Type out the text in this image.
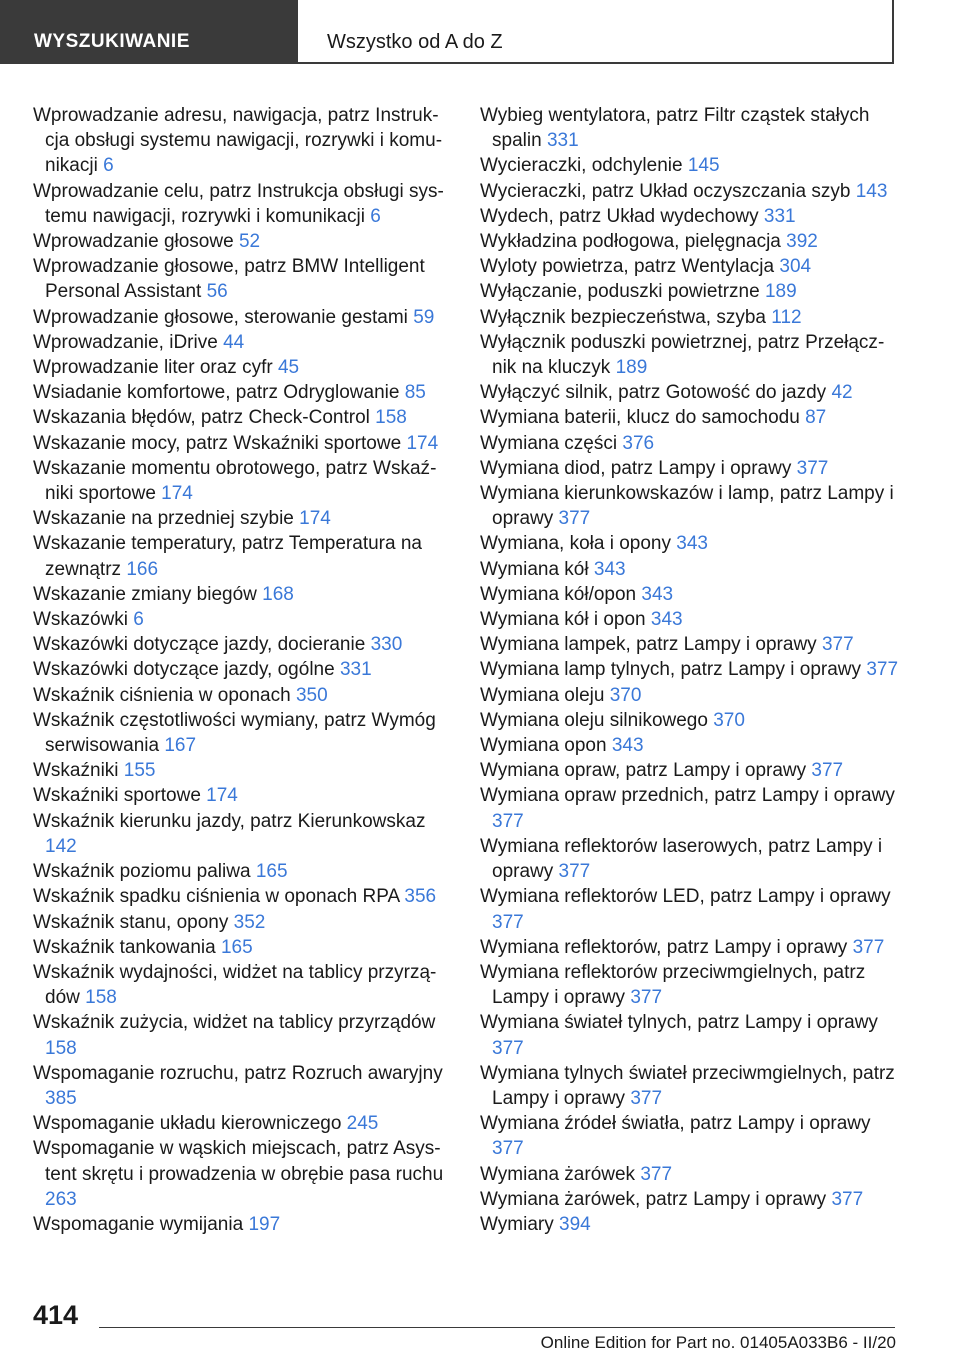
WYSZUKIWANIE	Wszystko od A do Z
Wprowadzanie adresu, nawigacja, patrz Instrukcja obsługi systemu nawigacji, rozrywki i komunikacji 6
Wprowadzanie celu, patrz Instrukcja obsługi systemu nawigacji, rozrywki i komunikacji 6
Wprowadzanie głosowe 52
Wprowadzanie głosowe, patrz BMW Intelligent Personal Assistant 56
Wprowadzanie głosowe, sterowanie gestami 59
Wprowadzanie, iDrive 44
Wprowadzanie liter oraz cyfr 45
Wsiadanie komfortowe, patrz Odryglowanie 85
Wskazania błędów, patrz Check-Control 158
Wskazanie mocy, patrz Wskaźniki sportowe 174
Wskazanie momentu obrotowego, patrz Wskaźniki sportowe 174
Wskazanie na przedniej szybie 174
Wskazanie temperatury, patrz Temperatura na zewnątrz 166
Wskazanie zmiany biegów 168
Wskazówki 6
Wskazówki dotyczące jazdy, docieranie 330
Wskazówki dotyczące jazdy, ogólne 331
Wskaźnik ciśnienia w oponach 350
Wskaźnik częstotliwości wymiany, patrz Wymóg serwisowania 167
Wskaźniki 155
Wskaźniki sportowe 174
Wskaźnik kierunku jazdy, patrz Kierunkowskaz 142
Wskaźnik poziomu paliwa 165
Wskaźnik spadku ciśnienia w oponach RPA 356
Wskaźnik stanu, opony 352
Wskaźnik tankowania 165
Wskaźnik wydajności, widżet na tablicy przyrządów 158
Wskaźnik zużycia, widżet na tablicy przyrządów 158
Wspomaganie rozruchu, patrz Rozruch awaryjny 385
Wspomaganie układu kierowniczego 245
Wspomaganie w wąskich miejscach, patrz Asystent skrętu i prowadzenia w obrębie pasa ruchu 263
Wspomaganie wymijania 197
Wybieg wentylatora, patrz Filtr cząstek stałych spalin 331
Wycieraczki, odchylenie 145
Wycieraczki, patrz Układ oczyszczania szyb 143
Wydech, patrz Układ wydechowy 331
Wykładzina podłogowa, pielęgnacja 392
Wyloty powietrza, patrz Wentylacja 304
Wyłączanie, poduszki powietrzne 189
Wyłącznik bezpieczeństwa, szyba 112
Wyłącznik poduszki powietrznej, patrz Przełącznik na kluczyk 189
Wyłączyć silnik, patrz Gotowość do jazdy 42
Wymiana baterii, klucz do samochodu 87
Wymiana części 376
Wymiana diod, patrz Lampy i oprawy 377
Wymiana kierunkowskazów i lamp, patrz Lampy i oprawy 377
Wymiana, koła i opony 343
Wymiana kół 343
Wymiana kół/opon 343
Wymiana kół i opon 343
Wymiana lampek, patrz Lampy i oprawy 377
Wymiana lamp tylnych, patrz Lampy i oprawy 377
Wymiana oleju 370
Wymiana oleju silnikowego 370
Wymiana opon 343
Wymiana opraw, patrz Lampy i oprawy 377
Wymiana opraw przednich, patrz Lampy i oprawy 377
Wymiana reflektorów laserowych, patrz Lampy i oprawy 377
Wymiana reflektorów LED, patrz Lampy i oprawy 377
Wymiana reflektorów, patrz Lampy i oprawy 377
Wymiana reflektorów przeciwmgielnych, patrz Lampy i oprawy 377
Wymiana świateł tylnych, patrz Lampy i oprawy 377
Wymiana tylnych świateł przeciwmgielnych, patrz Lampy i oprawy 377
Wymiana źródeł światła, patrz Lampy i oprawy 377
Wymiana żarówek 377
Wymiana żarówek, patrz Lampy i oprawy 377
Wymiary 394
414
Online Edition for Part no. 01405A033B6 - II/20
